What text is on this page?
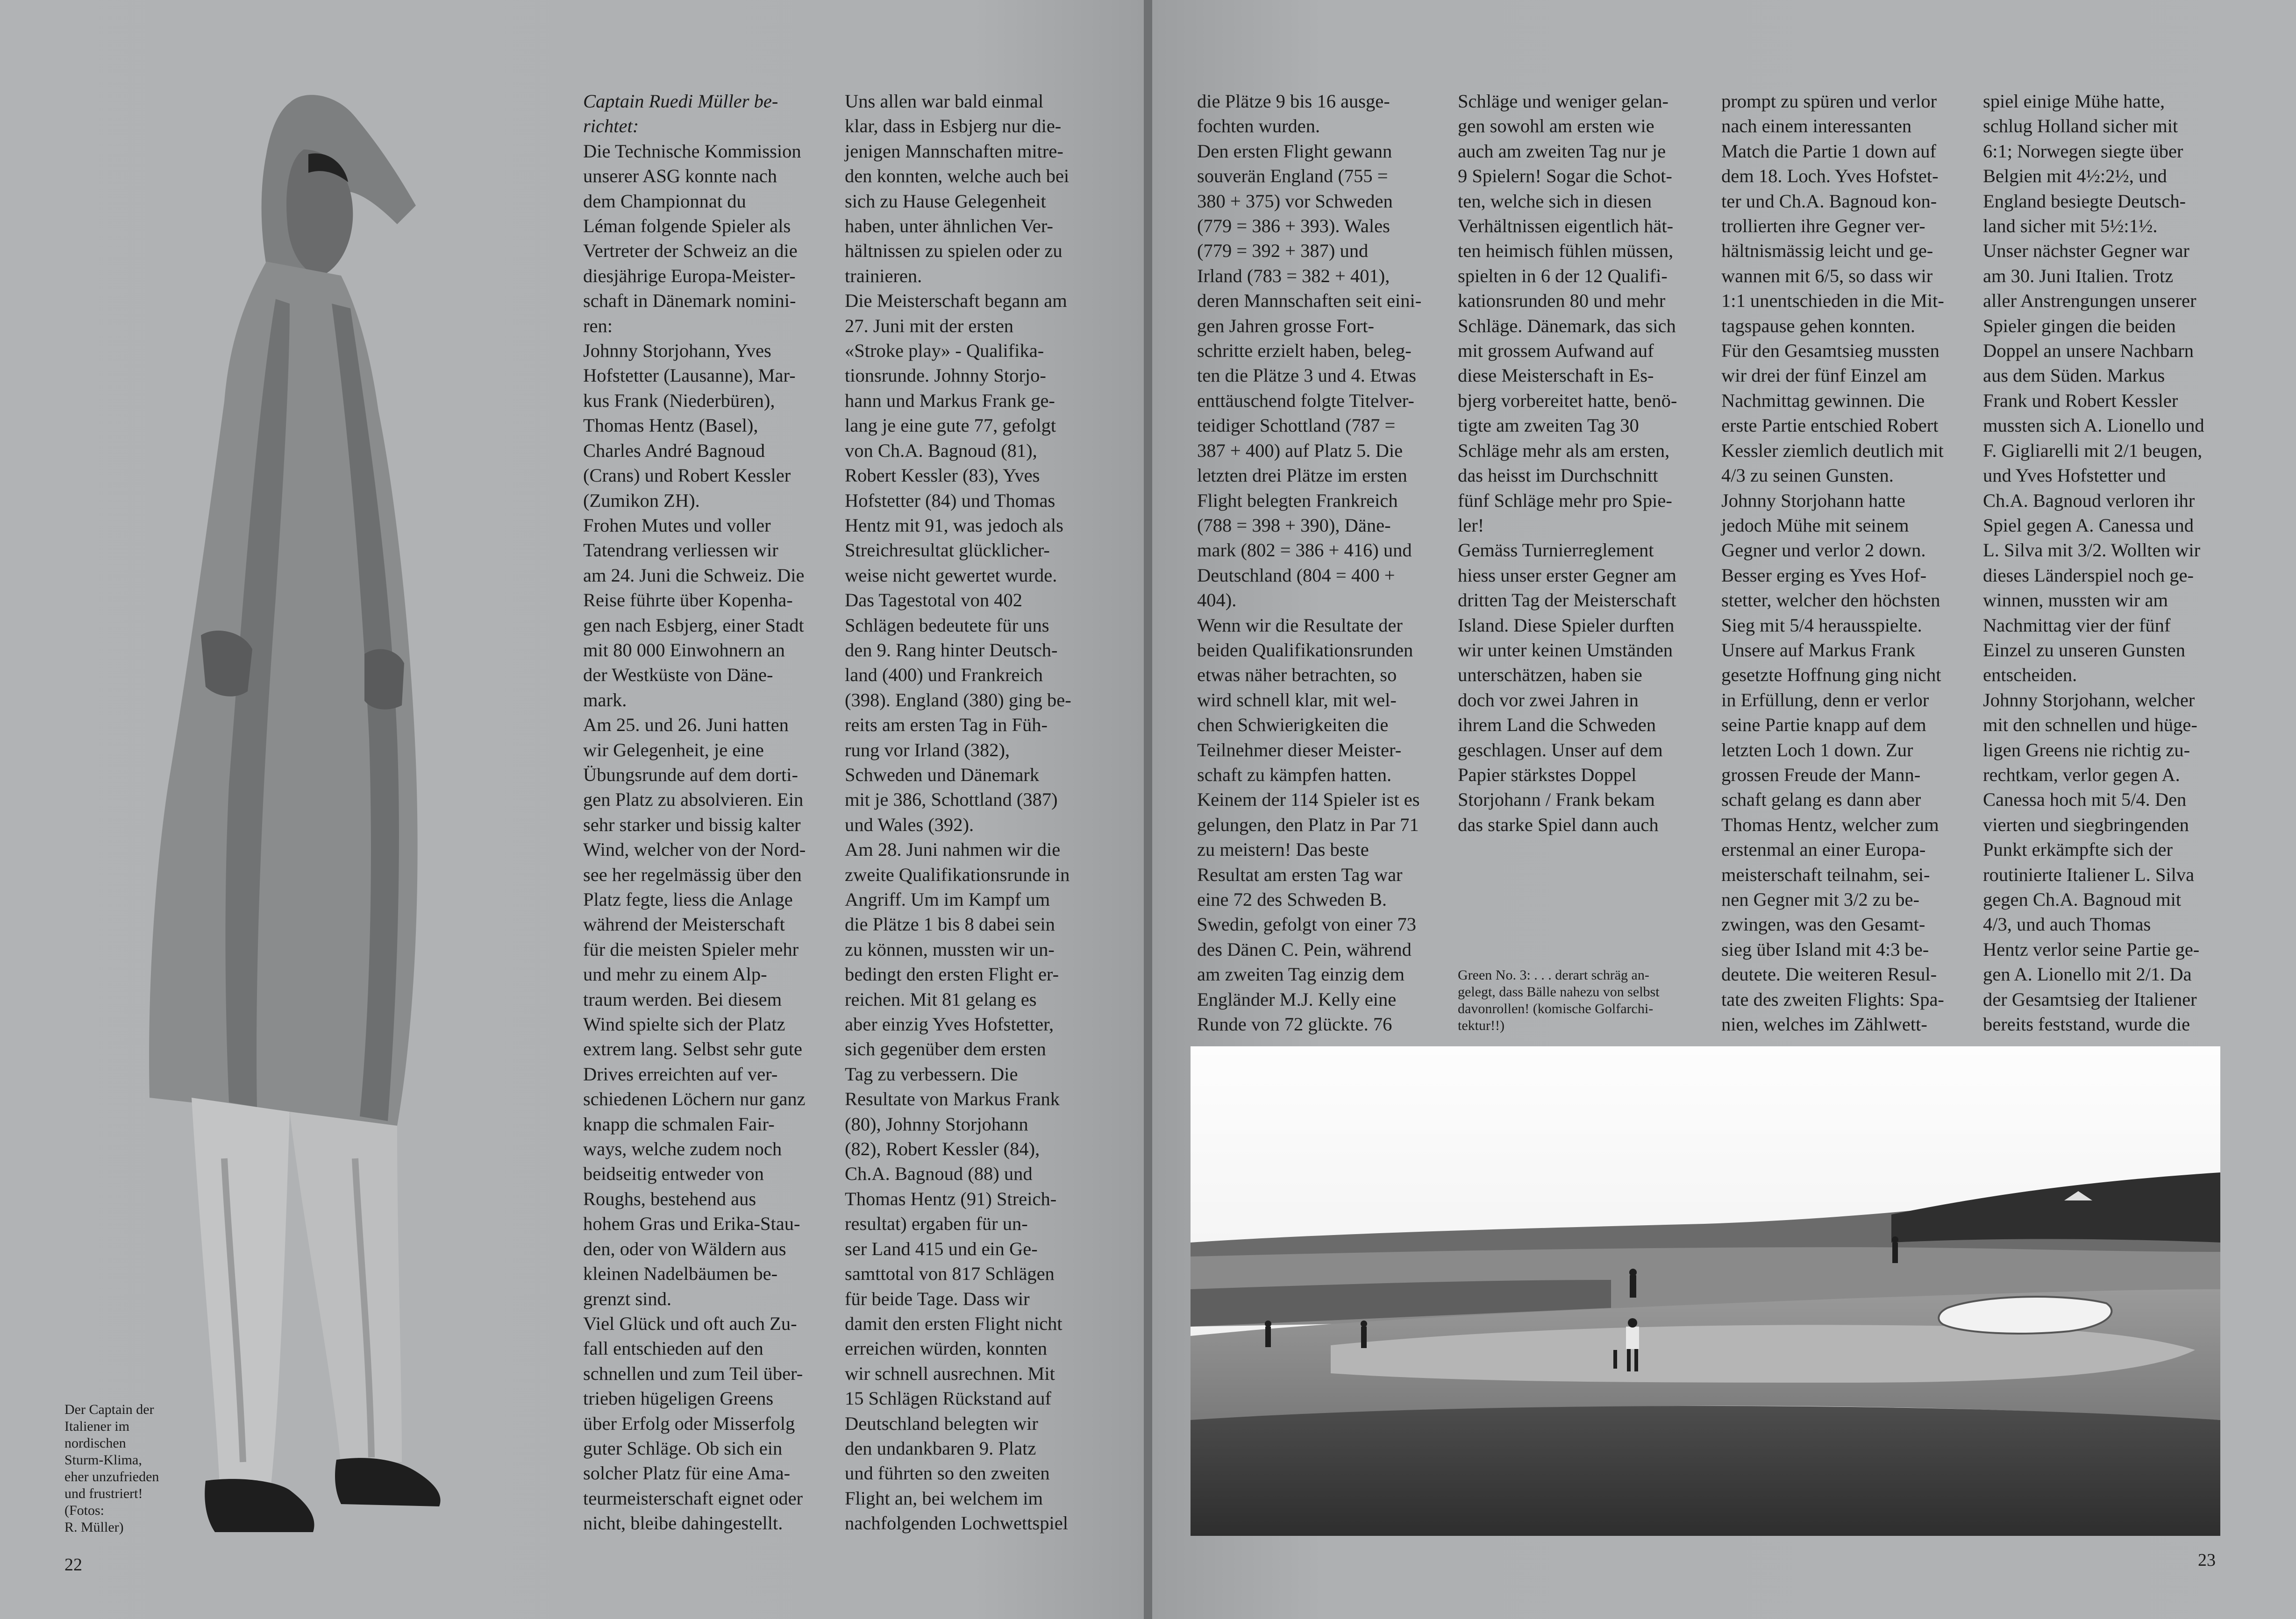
Der Captain der
Italiener im
nordischen
Sturm-Klima,
eher unzufrieden
und frustriert!
(Fotos:
R. Müller)
22

Captain Ruedi Müller be-

richtet:

Die Technische Kommission

unserer ASG konnte nach

dem Championnat du

Léman folgende Spieler als

Vertreter der Schweiz an die

diesjährige Europa-Meister-

schaft in Dänemark nomini-

ren:

Johnny Storjohann, Yves

Hofstetter (Lausanne), Mar-

kus Frank (Niederbüren),

Thomas Hentz (Basel),

Charles André Bagnoud

(Crans) und Robert Kessler

(Zumikon ZH).

Frohen Mutes und voller

Tatendrang verliessen wir

am 24. Juni die Schweiz. Die

Reise führte über Kopenha-

gen nach Esbjerg, einer Stadt

mit 80 000 Einwohnern an

der Westküste von Däne-

mark.

Am 25. und 26. Juni hatten

wir Gelegenheit, je eine

Übungsrunde auf dem dorti-

gen Platz zu absolvieren. Ein

sehr starker und bissig kalter

Wind, welcher von der Nord-

see her regelmässig über den

Platz fegte, liess die Anlage

während der Meisterschaft

für die meisten Spieler mehr

und mehr zu einem Alp-

traum werden. Bei diesem

Wind spielte sich der Platz

extrem lang. Selbst sehr gute

Drives erreichten auf ver-

schiedenen Löchern nur ganz

knapp die schmalen Fair-

ways, welche zudem noch

beidseitig entweder von

Roughs, bestehend aus

hohem Gras und Erika-Stau-

den, oder von Wäldern aus

kleinen Nadelbäumen be-

grenzt sind.

Viel Glück und oft auch Zu-

fall entschieden auf den

schnellen und zum Teil über-

trieben hügeligen Greens

über Erfolg oder Misserfolg

guter Schläge. Ob sich ein

solcher Platz für eine Ama-

teurmeisterschaft eignet oder

nicht, bleibe dahingestellt.

Uns allen war bald einmal

klar, dass in Esbjerg nur die-

jenigen Mannschaften mitre-

den konnten, welche auch bei

sich zu Hause Gelegenheit

haben, unter ähnlichen Ver-

hältnissen zu spielen oder zu

trainieren.

Die Meisterschaft begann am

27. Juni mit der ersten

«Stroke play» - Qualifika-

tionsrunde. Johnny Storjo-

hann und Markus Frank ge-

lang je eine gute 77, gefolgt

von Ch.A. Bagnoud (81),

Robert Kessler (83), Yves

Hofstetter (84) und Thomas

Hentz mit 91, was jedoch als

Streichresultat glücklicher-

weise nicht gewertet wurde.

Das Tagestotal von 402

Schlägen bedeutete für uns

den 9. Rang hinter Deutsch-

land (400) und Frankreich

(398). England (380) ging be-

reits am ersten Tag in Füh-

rung vor Irland (382),

Schweden und Dänemark

mit je 386, Schottland (387)

und Wales (392).

Am 28. Juni nahmen wir die

zweite Qualifikationsrunde in

Angriff. Um im Kampf um

die Plätze 1 bis 8 dabei sein

zu können, mussten wir un-

bedingt den ersten Flight er-

reichen. Mit 81 gelang es

aber einzig Yves Hofstetter,

sich gegenüber dem ersten

Tag zu verbessern. Die

Resultate von Markus Frank

(80), Johnny Storjohann

(82), Robert Kessler (84),

Ch.A. Bagnoud (88) und

Thomas Hentz (91) Streich-

resultat) ergaben für un-

ser Land 415 und ein Ge-

samttotal von 817 Schlägen

für beide Tage. Dass wir

damit den ersten Flight nicht

erreichen würden, konnten

wir schnell ausrechnen. Mit

15 Schlägen Rückstand auf

Deutschland belegten wir

den undankbaren 9. Platz

und führten so den zweiten

Flight an, bei welchem im

nachfolgenden Lochwettspiel

die Plätze 9 bis 16 ausge-

fochten wurden.

Den ersten Flight gewann

souverän England (755 =

380 + 375) vor Schweden

(779 = 386 + 393). Wales

(779 = 392 + 387) und

Irland (783 = 382 + 401),

deren Mannschaften seit eini-

gen Jahren grosse Fort-

schritte erzielt haben, beleg-

ten die Plätze 3 und 4. Etwas

enttäuschend folgte Titelver-

teidiger Schottland (787 =

387 + 400) auf Platz 5. Die

letzten drei Plätze im ersten

Flight belegten Frankreich

(788 = 398 + 390), Däne-

mark (802 = 386 + 416) und

Deutschland (804 = 400 +

404).

Wenn wir die Resultate der

beiden Qualifikationsrunden

etwas näher betrachten, so

wird schnell klar, mit wel-

chen Schwierigkeiten die

Teilnehmer dieser Meister-

schaft zu kämpfen hatten.

Keinem der 114 Spieler ist es

gelungen, den Platz in Par 71

zu meistern! Das beste

Resultat am ersten Tag war

eine 72 des Schweden B.

Swedin, gefolgt von einer 73

des Dänen C. Pein, während

am zweiten Tag einzig dem

Engländer M.J. Kelly eine

Runde von 72 glückte. 76

Schläge und weniger gelan-

gen sowohl am ersten wie

auch am zweiten Tag nur je

9 Spielern! Sogar die Schot-

ten, welche sich in diesen

Verhältnissen eigentlich hät-

ten heimisch fühlen müssen,

spielten in 6 der 12 Qualifi-

kationsrunden 80 und mehr

Schläge. Dänemark, das sich

mit grossem Aufwand auf

diese Meisterschaft in Es-

bjerg vorbereitet hatte, benö-

tigte am zweiten Tag 30

Schläge mehr als am ersten,

das heisst im Durchschnitt

fünf Schläge mehr pro Spie-

ler!

Gemäss Turnierreglement

hiess unser erster Gegner am

dritten Tag der Meisterschaft

Island. Diese Spieler durften

wir unter keinen Umständen

unterschätzen, haben sie

doch vor zwei Jahren in

ihrem Land die Schweden

geschlagen. Unser auf dem

Papier stärkstes Doppel

Storjohann / Frank bekam

das starke Spiel dann auch

Green No. 3: . . . derart schräg an-
gelegt, dass Bälle nahezu von selbst
davonrollen! (komische Golfarchi-
tektur!!)

prompt zu spüren und verlor

nach einem interessanten

Match die Partie 1 down auf

dem 18. Loch. Yves Hofstet-

ter und Ch.A. Bagnoud kon-

trollierten ihre Gegner ver-

hältnismässig leicht und ge-

wannen mit 6/5, so dass wir

1:1 unentschieden in die Mit-

tagspause gehen konnten.

Für den Gesamtsieg mussten

wir drei der fünf Einzel am

Nachmittag gewinnen. Die

erste Partie entschied Robert

Kessler ziemlich deutlich mit

4/3 zu seinen Gunsten.

Johnny Storjohann hatte

jedoch Mühe mit seinem

Gegner und verlor 2 down.

Besser erging es Yves Hof-

stetter, welcher den höchsten

Sieg mit 5/4 herausspielte.

Unsere auf Markus Frank

gesetzte Hoffnung ging nicht

in Erfüllung, denn er verlor

seine Partie knapp auf dem

letzten Loch 1 down. Zur

grossen Freude der Mann-

schaft gelang es dann aber

Thomas Hentz, welcher zum

erstenmal an einer Europa-

meisterschaft teilnahm, sei-

nen Gegner mit 3/2 zu be-

zwingen, was den Gesamt-

sieg über Island mit 4:3 be-

deutete. Die weiteren Resul-

tate des zweiten Flights: Spa-

nien, welches im Zählwett-

spiel einige Mühe hatte,

schlug Holland sicher mit

6:1; Norwegen siegte über

Belgien mit 4½:2½, und

England besiegte Deutsch-

land sicher mit 5½:1½.

Unser nächster Gegner war

am 30. Juni Italien. Trotz

aller Anstrengungen unserer

Spieler gingen die beiden

Doppel an unsere Nachbarn

aus dem Süden. Markus

Frank und Robert Kessler

mussten sich A. Lionello und

F. Gigliarelli mit 2/1 beugen,

und Yves Hofstetter und

Ch.A. Bagnoud verloren ihr

Spiel gegen A. Canessa und

L. Silva mit 3/2. Wollten wir

dieses Länderspiel noch ge-

winnen, mussten wir am

Nachmittag vier der fünf

Einzel zu unseren Gunsten

entscheiden.

Johnny Storjohann, welcher

mit den schnellen und hüge-

ligen Greens nie richtig zu-

rechtkam, verlor gegen A.

Canessa hoch mit 5/4. Den

vierten und siegbringenden

Punkt erkämpfte sich der

routinierte Italiener L. Silva

gegen Ch.A. Bagnoud mit

4/3, und auch Thomas

Hentz verlor seine Partie ge-

gen A. Lionello mit 2/1. Da

der Gesamtsieg der Italiener

bereits feststand, wurde die

23
